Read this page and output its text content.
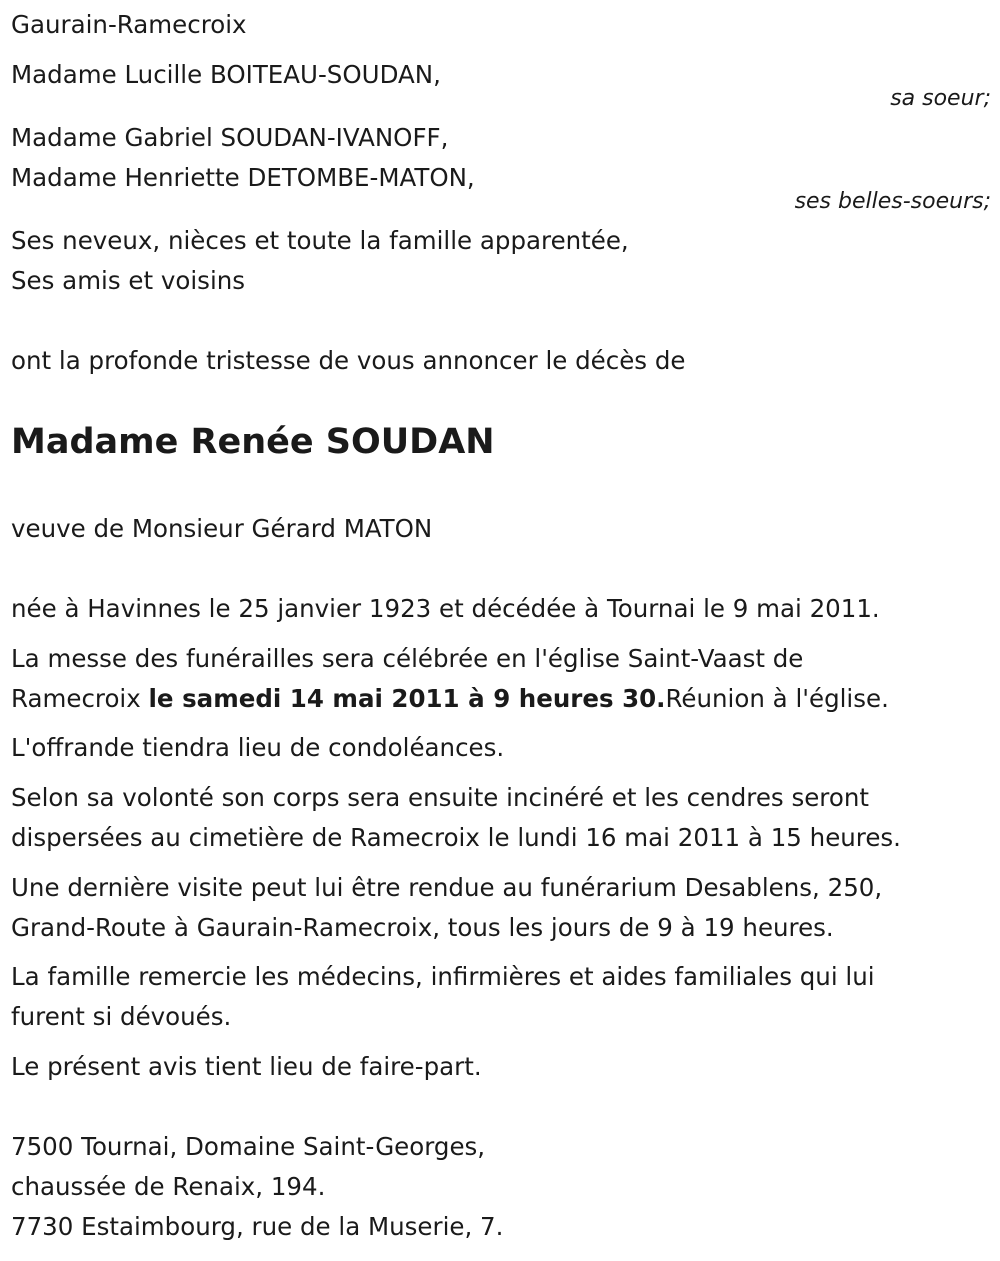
Gaurain-Ramecroix
Madame Lucille BOITEAU-SOUDAN,
sa soeur;
Madame Gabriel SOUDAN-IVANOFF,
Madame Henriette DETOMBE-MATON,
ses belles-soeurs;
Ses neveux, nièces et toute la famille apparentée,
Ses amis et voisins
ont la profonde tristesse de vous annoncer le décès de
Madame Renée SOUDAN
veuve de Monsieur Gérard MATON
née à Havinnes le 25 janvier 1923 et décédée à Tournai le 9 mai 2011.
La messe des funérailles sera célébrée en l'église Saint-Vaast de
Ramecroix le samedi 14 mai 2011 à 9 heures 30.Réunion à l'église.
L'offrande tiendra lieu de condoléances.
Selon sa volonté son corps sera ensuite incinéré et les cendres seront
dispersées au cimetière de Ramecroix le lundi 16 mai 2011 à 15 heures.
Une dernière visite peut lui être rendue au funérarium Desablens, 250,
Grand-Route à Gaurain-Ramecroix, tous les jours de 9 à 19 heures.
La famille remercie les médecins, infirmières et aides familiales qui lui
furent si dévoués.
Le présent avis tient lieu de faire-part.
7500 Tournai, Domaine Saint-Georges,
chaussée de Renaix, 194.
7730 Estaimbourg, rue de la Muserie, 7.
